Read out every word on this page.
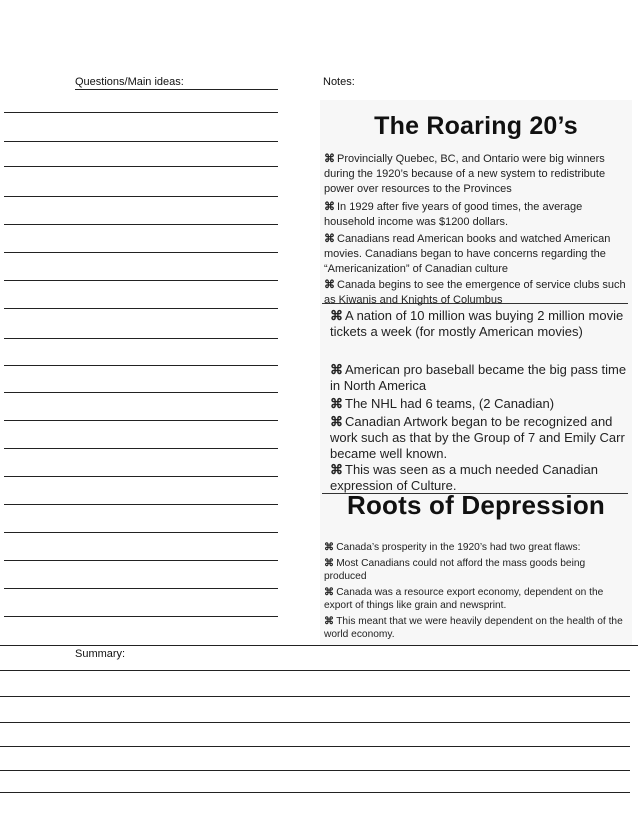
Questions/Main ideas:	Notes:
The Roaring 20’s
⌘ Provincially Quebec, BC, and Ontario were big winners during the 1920’s because of a new system to redistribute power over resources to the Provinces
⌘ In 1929 after five years of good times, the average household income was $1200 dollars.
⌘ Canadians read American books and watched American movies. Canadians began to have concerns regarding the “Americanization” of Canadian culture
⌘ Canada begins to see the emergence of service clubs such as Kiwanis and Knights of Columbus
⌘ A nation of 10 million was buying 2 million movie tickets a week (for mostly American movies)
⌘ American pro baseball became the big pass time in North America
⌘ The NHL had 6 teams, (2 Canadian)
⌘ Canadian Artwork began to be recognized and work such as that by the Group of 7 and Emily Carr became well known.
⌘ This was seen as a much needed Canadian expression of Culture.
Roots of Depression
⌘ Canada’s prosperity in the 1920’s had two great flaws:
⌘ Most Canadians could not afford the mass goods being produced
⌘ Canada was a resource export economy, dependent on the export of things like grain and newsprint.
⌘ This meant that we were heavily dependent on the health of the world economy.
Summary:
